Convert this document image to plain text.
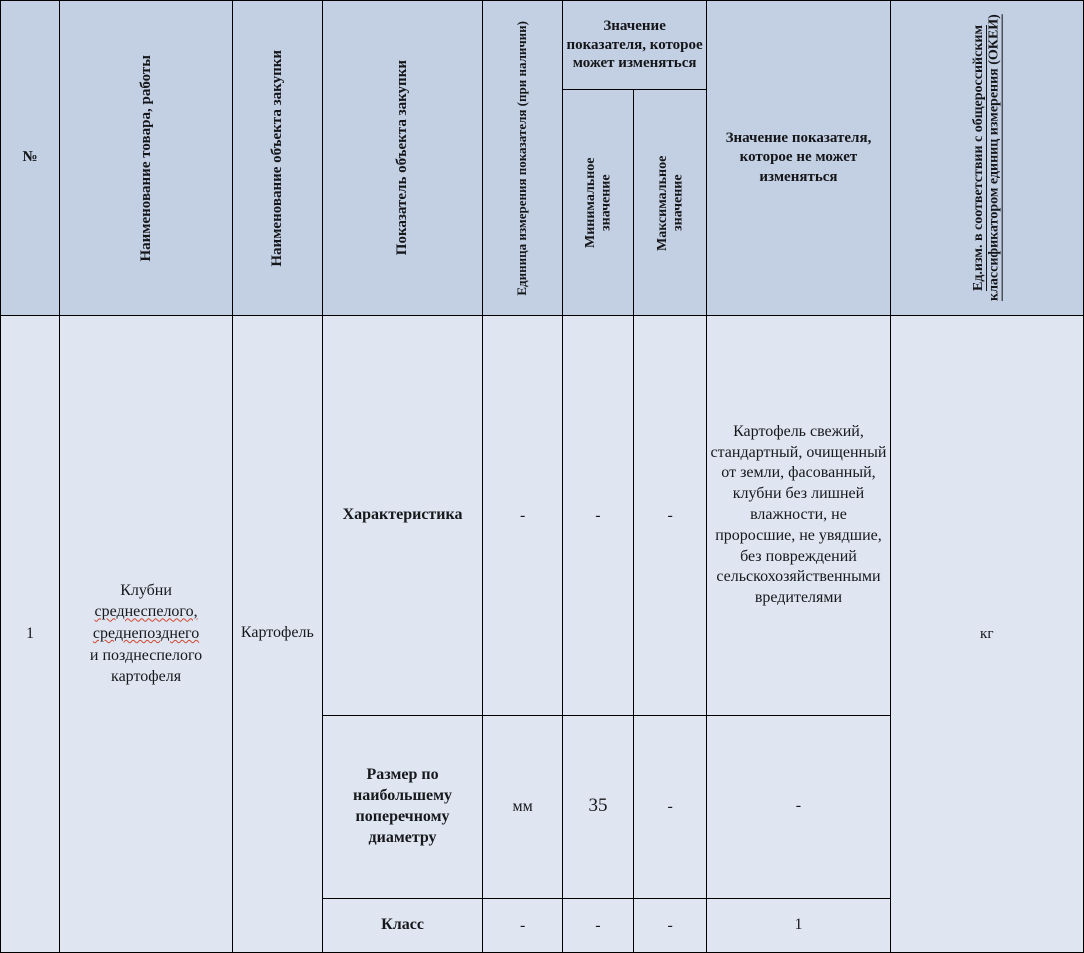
№	Наименование товара, работы	Наименование объекта закупки	Показатель объекта закупки	Единица измерения показателя (при наличии)	Значение показателя, которое может изменяться		Значение показателя, которое не может изменяться	Ед.изм. в соответствии с общероссийским классификатором единиц измерения (ОКЕИ)

					Минимальное значение	Максимальное значение		

1	Клубни
среднеспелого,
среднепозднего
и позднеспелого
картофеля	Картофель	Характеристика	-	-	-	Картофель свежий, стандартный, очищенный от земли, фасованный, клубни без лишней влажности, не проросшие, не увядшие, без повреждений сельскохозяйственными вредителями	кг
			Размер по наибольшему поперечному диаметру	мм	35	-	-	
			Класс	-	-	-	1	
